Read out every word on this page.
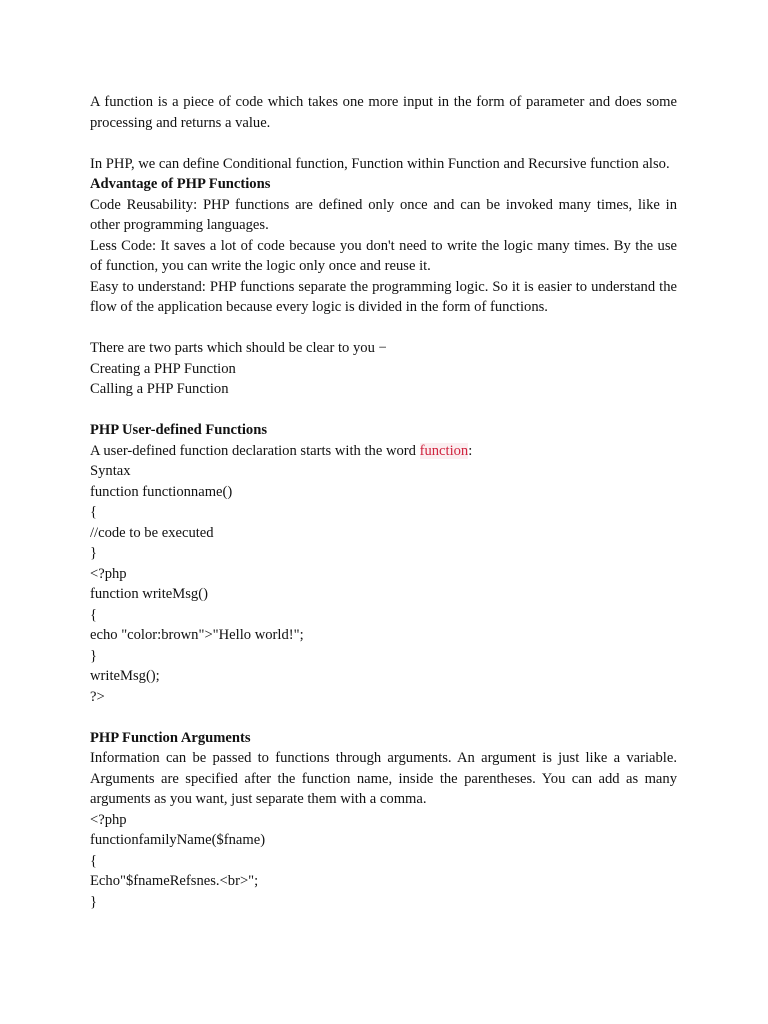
A function is a piece of code which takes one more input in the form of parameter and does some processing and returns a value.
In PHP, we can define Conditional function, Function within Function and Recursive function also.
Advantage of PHP Functions
Code Reusability: PHP functions are defined only once and can be invoked many times, like in other programming languages.
Less Code: It saves a lot of code because you don't need to write the logic many times. By the use of function, you can write the logic only once and reuse it.
Easy to understand: PHP functions separate the programming logic. So it is easier to understand the flow of the application because every logic is divided in the form of functions.
There are two parts which should be clear to you −
Creating a PHP Function
Calling a PHP Function
PHP User-defined Functions
A user-defined function declaration starts with the word function:
Syntax
function functionname()
{
//code to be executed
}
<?php
function writeMsg()
{
echo "color:brown">"Hello world!";
}
writeMsg();
?>
PHP Function Arguments
Information can be passed to functions through arguments. An argument is just like a variable. Arguments are specified after the function name, inside the parentheses. You can add as many arguments as you want, just separate them with a comma.
<?php
functionfamilyName($fname)
{
Echo"$fnameRefsnes.<br>";
}
